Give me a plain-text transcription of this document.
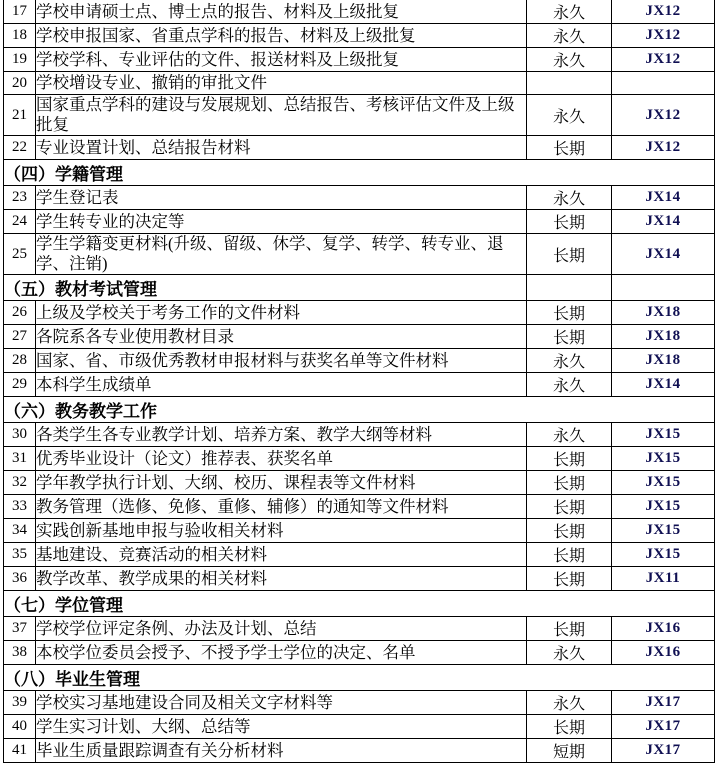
17	学校申请硕士点、博士点的报告、材料及上级批复	永久	JX12
18	学校申报国家、省重点学科的报告、材料及上级批复	永久	JX12
19	学校学科、专业评估的文件、报送材料及上级批复	永久	JX12
20	学校增设专业、撤销的审批文件		
21	国家重点学科的建设与发展规划、总结报告、考核评估文件及上级批复	永久	JX12
22	专业设置计划、总结报告材料	长期	JX12
（四）学籍管理			
23	学生登记表	永久	JX14
24	学生转专业的决定等	长期	JX14
25	学生学籍变更材料(升级、留级、休学、复学、转学、转专业、退学、注销)	长期	JX14
（五）教材考试管理			
26	上级及学校关于考务工作的文件材料	长期	JX18
27	各院系各专业使用教材目录	长期	JX18
28	国家、省、市级优秀教材申报材料与获奖名单等文件材料	永久	JX18
29	本科学生成绩单	永久	JX14
（六）教务教学工作			
30	各类学生各专业教学计划、培养方案、教学大纲等材料	永久	JX15
31	优秀毕业设计（论文）推荐表、获奖名单	长期	JX15
32	学年教学执行计划、大纲、校历、课程表等文件材料	长期	JX15
33	教务管理（选修、免修、重修、辅修）的通知等文件材料	长期	JX15
34	实践创新基地申报与验收相关材料	长期	JX15
35	基地建设、竞赛活动的相关材料	长期	JX15
36	教学改革、教学成果的相关材料	长期	JX11
（七）学位管理			
37	学校学位评定条例、办法及计划、总结	长期	JX16
38	本校学位委员会授予、不授予学士学位的决定、名单	永久	JX16
（八）毕业生管理			
39	学校实习基地建设合同及相关文字材料等	永久	JX17
40	学生实习计划、大纲、总结等	长期	JX17
41	毕业生质量跟踪调查有关分析材料	短期	JX17
